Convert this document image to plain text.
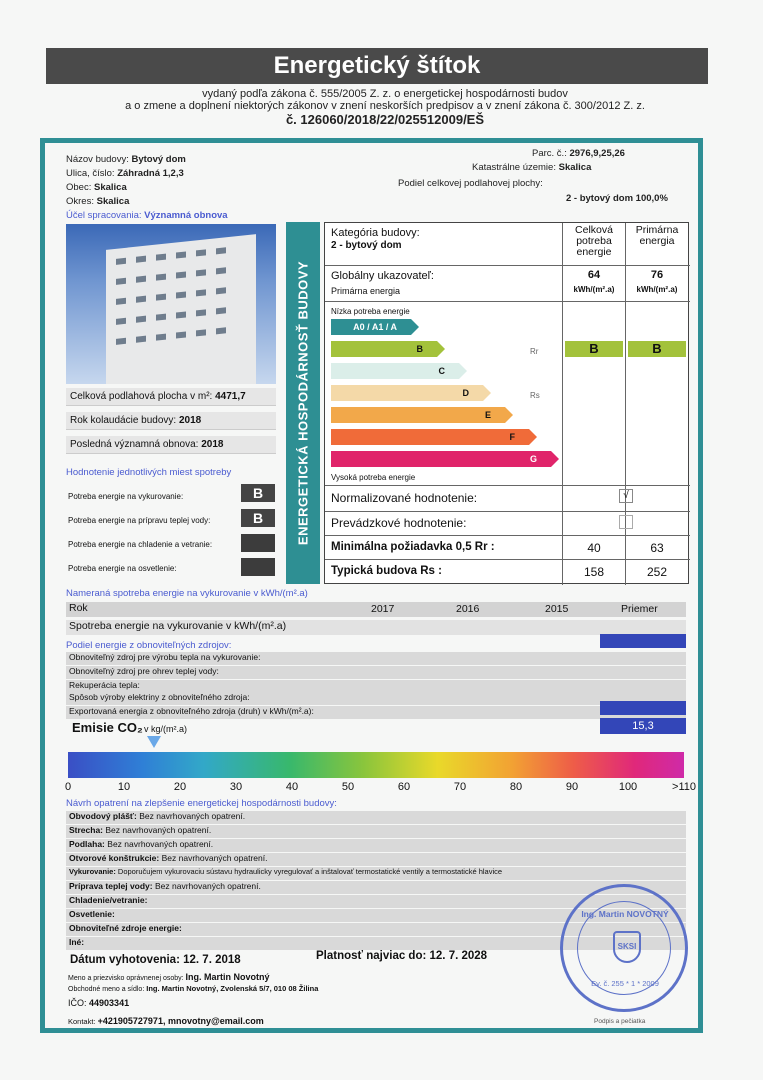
Energetický štítok
vydaný podľa zákona č. 555/2005 Z. z. o energetickej hospodárnosti budov
a o zmene a doplnení niektorých zákonov v znení neskorších predpisov a v znení zákona č. 300/2012 Z. z.
č. 126060/2018/22/025512009/EŠ
Názov budovy: Bytový dom
Ulica, číslo: Záhradná 1,2,3
Obec: Skalica
Okres: Skalica
Účel spracovania: Významná obnova
Parc. č.: 2976,9,25,26
Katastrálne územie: Skalica
Podiel celkovej podlahovej plochy:
2 - bytový dom 100,0%
Celková podlahová plocha v m²: 4471,7
Rok kolaudácie budovy: 2018
Posledná významná obnova: 2018
Hodnotenie jednotlivých miest spotreby
Potreba energie na vykurovanie:	B
Potreba energie na prípravu teplej vody:	B
Potreba energie na chladenie a vetranie:
Potreba energie na osvetlenie:
ENERGETICKÁ HOSPODÁRNOSŤ BUDOVY
Kategória budovy:
2 - bytový dom
Celková potreba energie
Primárna energia
Globálny ukazovateľ:
Primárna energia
64	76
kWh/(m².a)	kWh/(m².a)
Nízka potreba energie
A0 / A1 / A
B
C
D
E
F
G
Vysoká potreba energie
Rr
Rs
B	B
Normalizované hodnotenie:	√
Prevádzkové hodnotenie:
Minimálna požiadavka 0,5 Rr :	40	63
Typická budova Rs :	158	252
Nameraná spotreba energie na vykurovanie v kWh/(m².a)
Rok	2017	2016	2015	Priemer
Spotreba energie na vykurovanie v kWh/(m².a)
Podiel energie z obnoviteľných zdrojov:
Obnoviteľný zdroj pre výrobu tepla na vykurovanie:
Obnoviteľný zdroj pre ohrev teplej vody:
Rekuperácia tepla:
Spôsob výroby elektriny z obnoviteľného zdroja:
Exportovaná energia z obnoviteľného zdroja (druh) v kWh/(m².a):
Emisie CO₂ v kg/(m².a)	15,3
0	10	20	30	40	50	60	70	80	90	100	>110
Návrh opatrení na zlepšenie energetickej hospodárnosti budovy:
Obvodový plášť: Bez navrhovaných opatrení.
Strecha: Bez navrhovaných opatrení.
Podlaha: Bez navrhovaných opatrení.
Otvorové konštrukcie: Bez navrhovaných opatrení.
Vykurovanie: Doporučujem vykurovaciu sústavu hydraulicky vyregulovať a inštalovať termostatické ventily a termostatické hlavice
Príprava teplej vody: Bez navrhovaných opatrení.
Chladenie/vetranie:
Osvetlenie:
Obnoviteľné zdroje energie:
Iné:
Dátum vyhotovenia: 12. 7. 2018	Platnosť najviac do: 12. 7. 2028
Meno a priezvisko oprávnenej osoby: Ing. Martin Novotný
Obchodné meno a sídlo: Ing. Martin Novotný, Zvolenská 5/7, 010 08 Žilina
IČO: 44903341
Kontakt: +421905727971, mnovotny@email.com
Ing. Martin NOVOTNÝ
SKSI
Ev. č. 255 * 1 * 2009
Podpis a pečiatka
